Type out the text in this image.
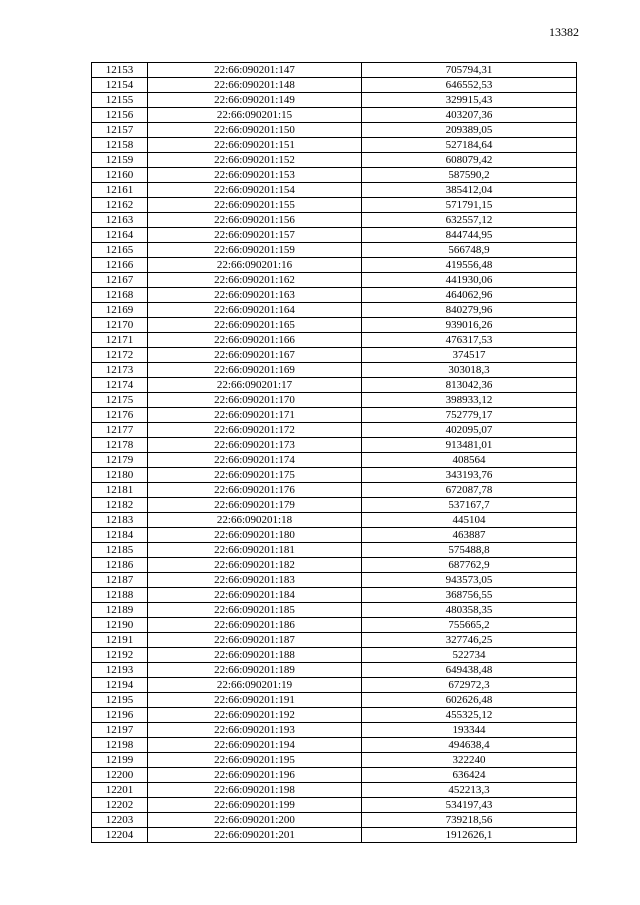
13382
12153	22:66:090201:147	705794,31
12154	22:66:090201:148	646552,53
12155	22:66:090201:149	329915,43
12156	22:66:090201:15	403207,36
12157	22:66:090201:150	209389,05
12158	22:66:090201:151	527184,64
12159	22:66:090201:152	608079,42
12160	22:66:090201:153	587590,2
12161	22:66:090201:154	385412,04
12162	22:66:090201:155	571791,15
12163	22:66:090201:156	632557,12
12164	22:66:090201:157	844744,95
12165	22:66:090201:159	566748,9
12166	22:66:090201:16	419556,48
12167	22:66:090201:162	441930,06
12168	22:66:090201:163	464062,96
12169	22:66:090201:164	840279,96
12170	22:66:090201:165	939016,26
12171	22:66:090201:166	476317,53
12172	22:66:090201:167	374517
12173	22:66:090201:169	303018,3
12174	22:66:090201:17	813042,36
12175	22:66:090201:170	398933,12
12176	22:66:090201:171	752779,17
12177	22:66:090201:172	402095,07
12178	22:66:090201:173	913481,01
12179	22:66:090201:174	408564
12180	22:66:090201:175	343193,76
12181	22:66:090201:176	672087,78
12182	22:66:090201:179	537167,7
12183	22:66:090201:18	445104
12184	22:66:090201:180	463887
12185	22:66:090201:181	575488,8
12186	22:66:090201:182	687762,9
12187	22:66:090201:183	943573,05
12188	22:66:090201:184	368756,55
12189	22:66:090201:185	480358,35
12190	22:66:090201:186	755665,2
12191	22:66:090201:187	327746,25
12192	22:66:090201:188	522734
12193	22:66:090201:189	649438,48
12194	22:66:090201:19	672972,3
12195	22:66:090201:191	602626,48
12196	22:66:090201:192	455325,12
12197	22:66:090201:193	193344
12198	22:66:090201:194	494638,4
12199	22:66:090201:195	322240
12200	22:66:090201:196	636424
12201	22:66:090201:198	452213,3
12202	22:66:090201:199	534197,43
12203	22:66:090201:200	739218,56
12204	22:66:090201:201	1912626,1
